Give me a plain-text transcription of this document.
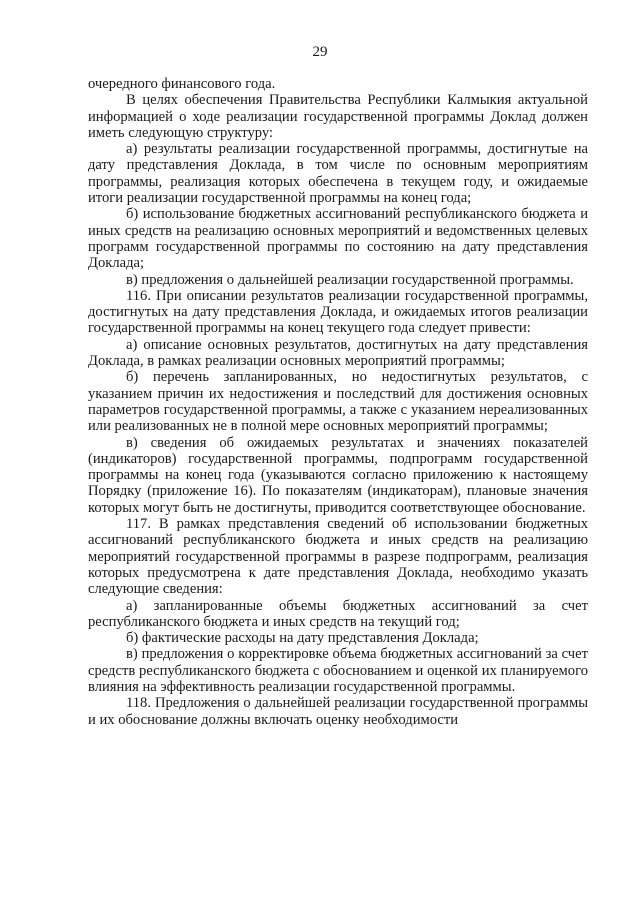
29

очередного финансового года.

В целях обеспечения Правительства Республики Калмыкия актуальной информацией о ходе реализации государственной программы Доклад должен иметь следующую структуру:

а) результаты реализации государственной программы, достигнутые на дату представления Доклада, в том числе по основным мероприятиям программы, реализация которых обеспечена в текущем году, и ожидаемые итоги реализации государственной программы на конец года;

б) использование бюджетных ассигнований республиканского бюджета и иных средств на реализацию основных мероприятий и ведомственных целевых программ государственной программы по состоянию на дату представления Доклада;

в) предложения о дальнейшей реализации государственной программы.

116. При описании результатов реализации государственной программы, достигнутых на дату представления Доклада, и ожидаемых итогов реализации государственной программы на конец текущего года следует привести:

а) описание основных результатов, достигнутых на дату представления Доклада, в рамках реализации основных мероприятий программы;

б) перечень запланированных, но недостигнутых результатов, с указанием причин их недостижения и последствий для достижения основных параметров государственной программы, а также с указанием нереализованных или реализованных не в полной мере основных мероприятий программы;

в) сведения об ожидаемых результатах и значениях показателей (индикаторов) государственной программы, подпрограмм государственной программы на конец года (указываются согласно приложению к настоящему Порядку (приложение 16). По показателям (индикаторам), плановые значения которых могут быть не достигнуты, приводится соответствующее обоснование.

117. В рамках представления сведений об использовании бюджетных ассигнований республиканского бюджета и иных средств на реализацию мероприятий государственной программы в разрезе подпрограмм, реализация которых предусмотрена к дате представления Доклада, необходимо указать следующие сведения:

а) запланированные объемы бюджетных ассигнований за счет республиканского бюджета и иных средств на текущий год;

б) фактические расходы на дату представления Доклада;

в) предложения о корректировке объема бюджетных ассигнований за счет средств республиканского бюджета с обоснованием и оценкой их планируемого влияния на эффективность реализации государственной программы.

118. Предложения о дальнейшей реализации государственной программы и их обоснование должны включать оценку необходимости
